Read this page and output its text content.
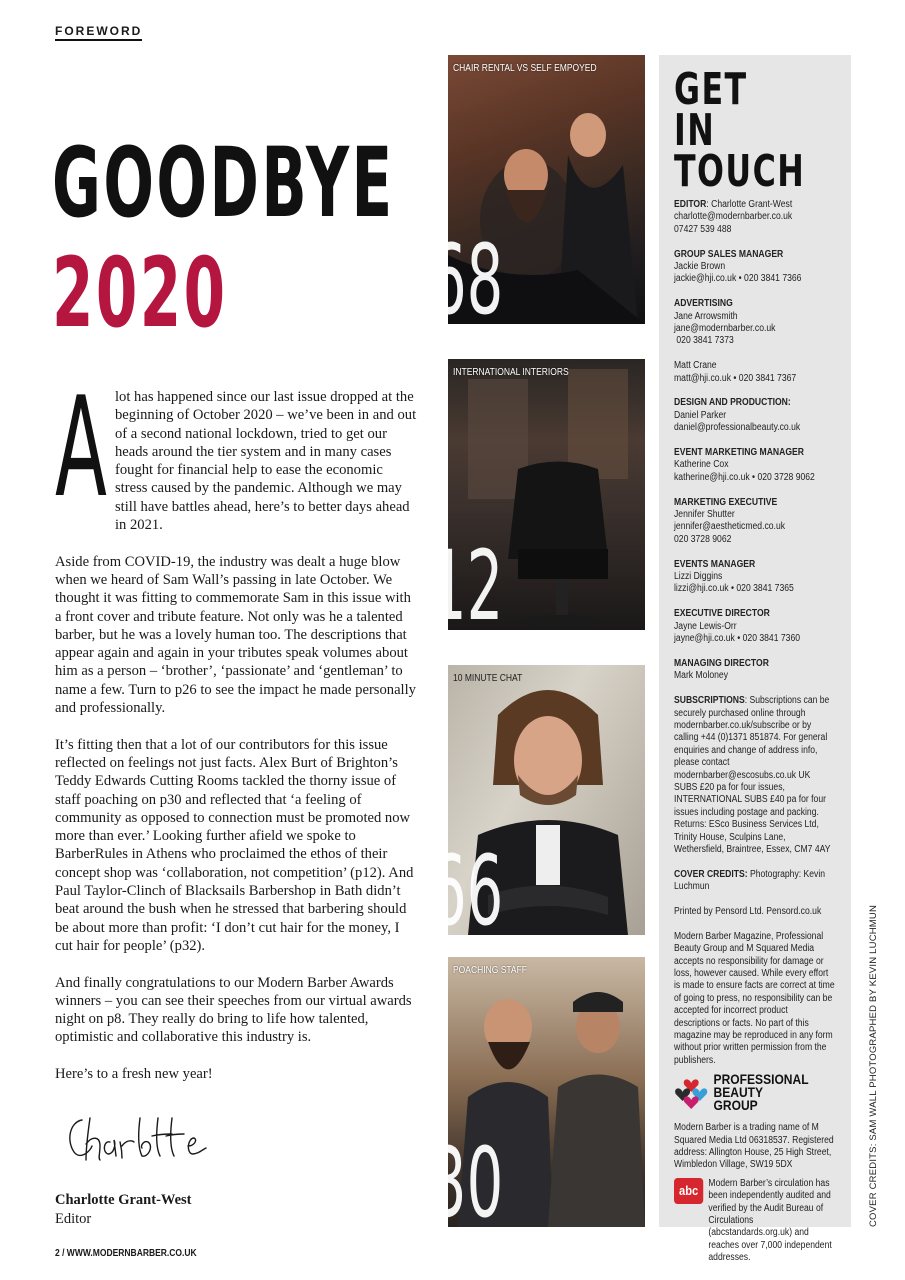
FOREWORD
GOODBYE
2020

Alot has happened since our last issue dropped at the beginning of October 2020 – we’ve been in and out of a second national lockdown, tried to get our heads around the tier system and in many cases fought for financial help to ease the economic stress caused by the pandemic. Although we may still have battles ahead, here’s to better days ahead in 2021.

Aside from COVID-19, the industry was dealt a huge blow when we heard of Sam Wall’s passing in late October. We thought it was fitting to commemorate Sam in this issue with a front cover and tribute feature. Not only was he a talented barber, but he was a lovely human too. The descriptions that appear again and again in your tributes speak volumes about him as a person – ‘brother’, ‘passionate’ and ‘gentleman’ to name a few. Turn to p26 to see the impact he made personally and professionally.

It’s fitting then that a lot of our contributors for this issue reflected on feelings not just facts. Alex Burt of Brighton’s Teddy Edwards Cutting Rooms tackled the thorny issue of staff poaching on p30 and reflected that ‘a feeling of community as opposed to connection must be promoted now more than ever.’ Looking further afield we spoke to BarberRules in Athens who proclaimed the ethos of their concept shop was ‘collaboration, not competition’ (p12). And Paul Taylor-Clinch of Blacksails Barbershop in Bath didn’t beat around the bush when he stressed that barbering should be about more than profit: ‘I don’t cut hair for the money, I cut hair for people’ (p32).

And finally congratulations to our Modern Barber Awards winners – you can see their speeches from our virtual awards night on p8. They really do bring to life how talented, optimistic and collaborative this industry is.

Here’s to a fresh new year!

Charlotte Grant-West
Editor
2 / WWW.MODERNBARBER.CO.UK
CHAIR RENTAL VS SELF EMPOYED
68
INTERNATIONAL INTERIORS
12
10 MINUTE CHAT
66
POACHING STAFF
30
GET
IN
TOUCH
EDITOR: Charlotte Grant-West
charlotte@modernbarber.co.uk
07427 539 488
GROUP SALES MANAGER
Jackie Brown
jackie@hji.co.uk • 020 3841 7366
ADVERTISING
Jane Arrowsmith
jane@modernbarber.co.uk
020 3841 7373
Matt Crane
matt@hji.co.uk • 020 3841 7367
DESIGN AND PRODUCTION:
Daniel Parker
daniel@professionalbeauty.co.uk
EVENT MARKETING MANAGER
Katherine Cox
katherine@hji.co.uk • 020 3728 9062
MARKETING EXECUTIVE
Jennifer Shutter
jennifer@aestheticmed.co.uk
020 3728 9062
EVENTS MANAGER
Lizzi Diggins
lizzi@hji.co.uk • 020 3841 7365
EXECUTIVE DIRECTOR
Jayne Lewis-Orr
jayne@hji.co.uk • 020 3841 7360
MANAGING DIRECTOR
Mark Moloney
SUBSCRIPTIONS: Subscriptions can be securely purchased online through modernbarber.co.uk/subscribe or by calling +44 (0)1371 851874. For general enquiries and change of address info, please contact modernbarber@escosubs.co.uk UK SUBS £20 pa for four issues, INTERNATIONAL SUBS £40 pa for four issues including postage and packing. Returns: ESco Business Services Ltd, Trinity House, Sculpins Lane, Wethersfield, Braintree, Essex, CM7 4AY
COVER CREDITS: Photography: Kevin Luchmun
Printed by Pensord Ltd. Pensord.co.uk
Modern Barber Magazine, Professional Beauty Group and M Squared Media accepts no responsibility for damage or loss, however caused. While every effort is made to ensure facts are correct at time of going to press, no responsibility can be accepted for incorrect product descriptions or facts. No part of this magazine may be reproduced in any form without prior written permission from the publishers.
PROFESSIONAL
BEAUTY
GROUP
Modern Barber is a trading name of M Squared Media Ltd 06318537. Registered address: Allington House, 25 High Street, Wimbledon Village, SW19 5DX
abc	Modern Barber’s circulation has been independently audited and verified by the Audit Bureau of Circulations (abcstandards.org.uk) and reaches over 7,000 independent addresses.
COVER CREDITS: SAM WALL PHOTOGRAPHED BY KEVIN LUCHMUN
